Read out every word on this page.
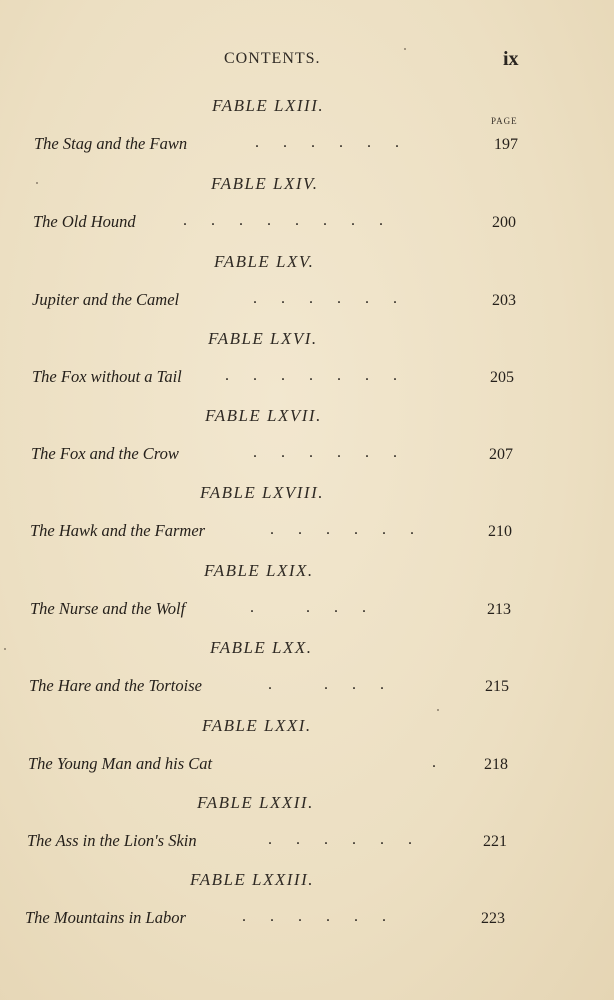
CONTENTS.	ix
PAGE
FABLE LXIII.
The Stag and the Fawn	.      .      .      .      .      .	197
FABLE LXIV.
The Old Hound	.      .      .      .      .      .      .      .	200
FABLE LXV.
Jupiter and the Camel	.      .      .      .      .      .	203
FABLE LXVI.
The Fox without a Tail	.      .      .      .      .      .      .	205
FABLE LXVII.
The Fox and the Crow	.      .      .      .      .      .	207
FABLE LXVIII.
The Hawk and the Farmer	.      .      .      .      .      .	210
FABLE LXIX.
The Nurse and the Wolf	.             .      .      .	213
FABLE LXX.
The Hare and the Tortoise	.             .      .      .	215
FABLE LXXI.
The Young Man and his Cat	.	218
FABLE LXXII.
The Ass in the Lion's Skin	.      .      .      .      .      .	221
FABLE LXXIII.
The Mountains in Labor	.      .      .      .      .      .	223
